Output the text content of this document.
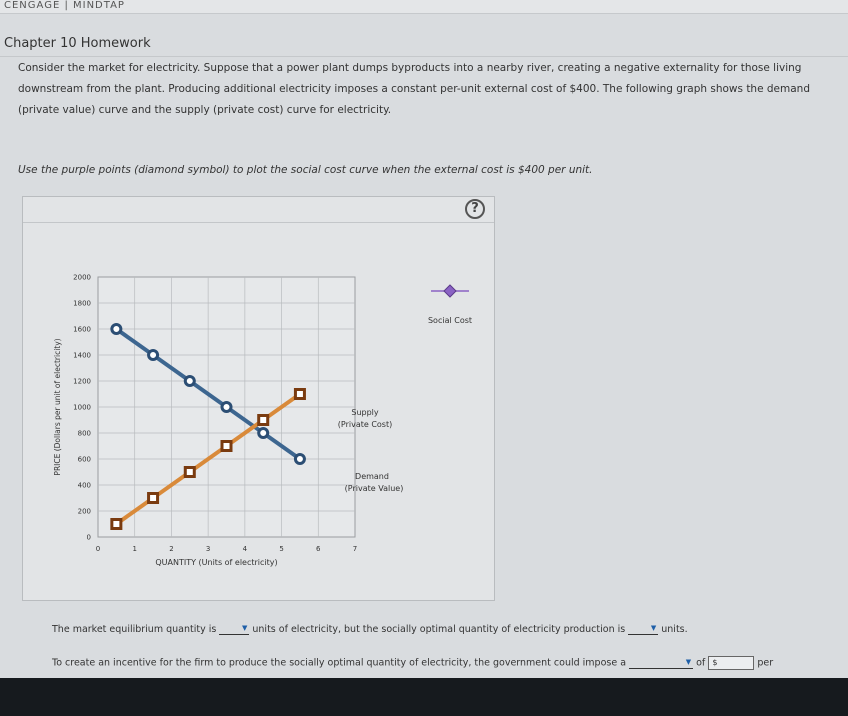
CENGAGE | MINDTAP
Chapter 10 Homework
Consider the market for electricity. Suppose that a power plant dumps byproducts into a nearby river, creating a negative externality for those living downstream from the plant. Producing additional electricity imposes a constant per-unit external cost of $400. The following graph shows the demand (private value) curve and the supply (private cost) curve for electricity.
Use the purple points (diamond symbol) to plot the social cost curve when the external cost is $400 per unit.
?
0
200
400
600
800
1000
1200
1400
1600
1800
2000
0	1	2	3	4	5	6	7
QUANTITY (Units of electricity)
PRICE (Dollars per unit of electricity)	Supply
(Private Cost)
Demand
(Private Value)
Social Cost
The market equilibrium quantity is	▼ units of electricity, but the socially optimal quantity of electricity production is	▼ units.
To create an incentive for the firm to produce the socially optimal quantity of electricity, the government could impose a	▼ of $	per
